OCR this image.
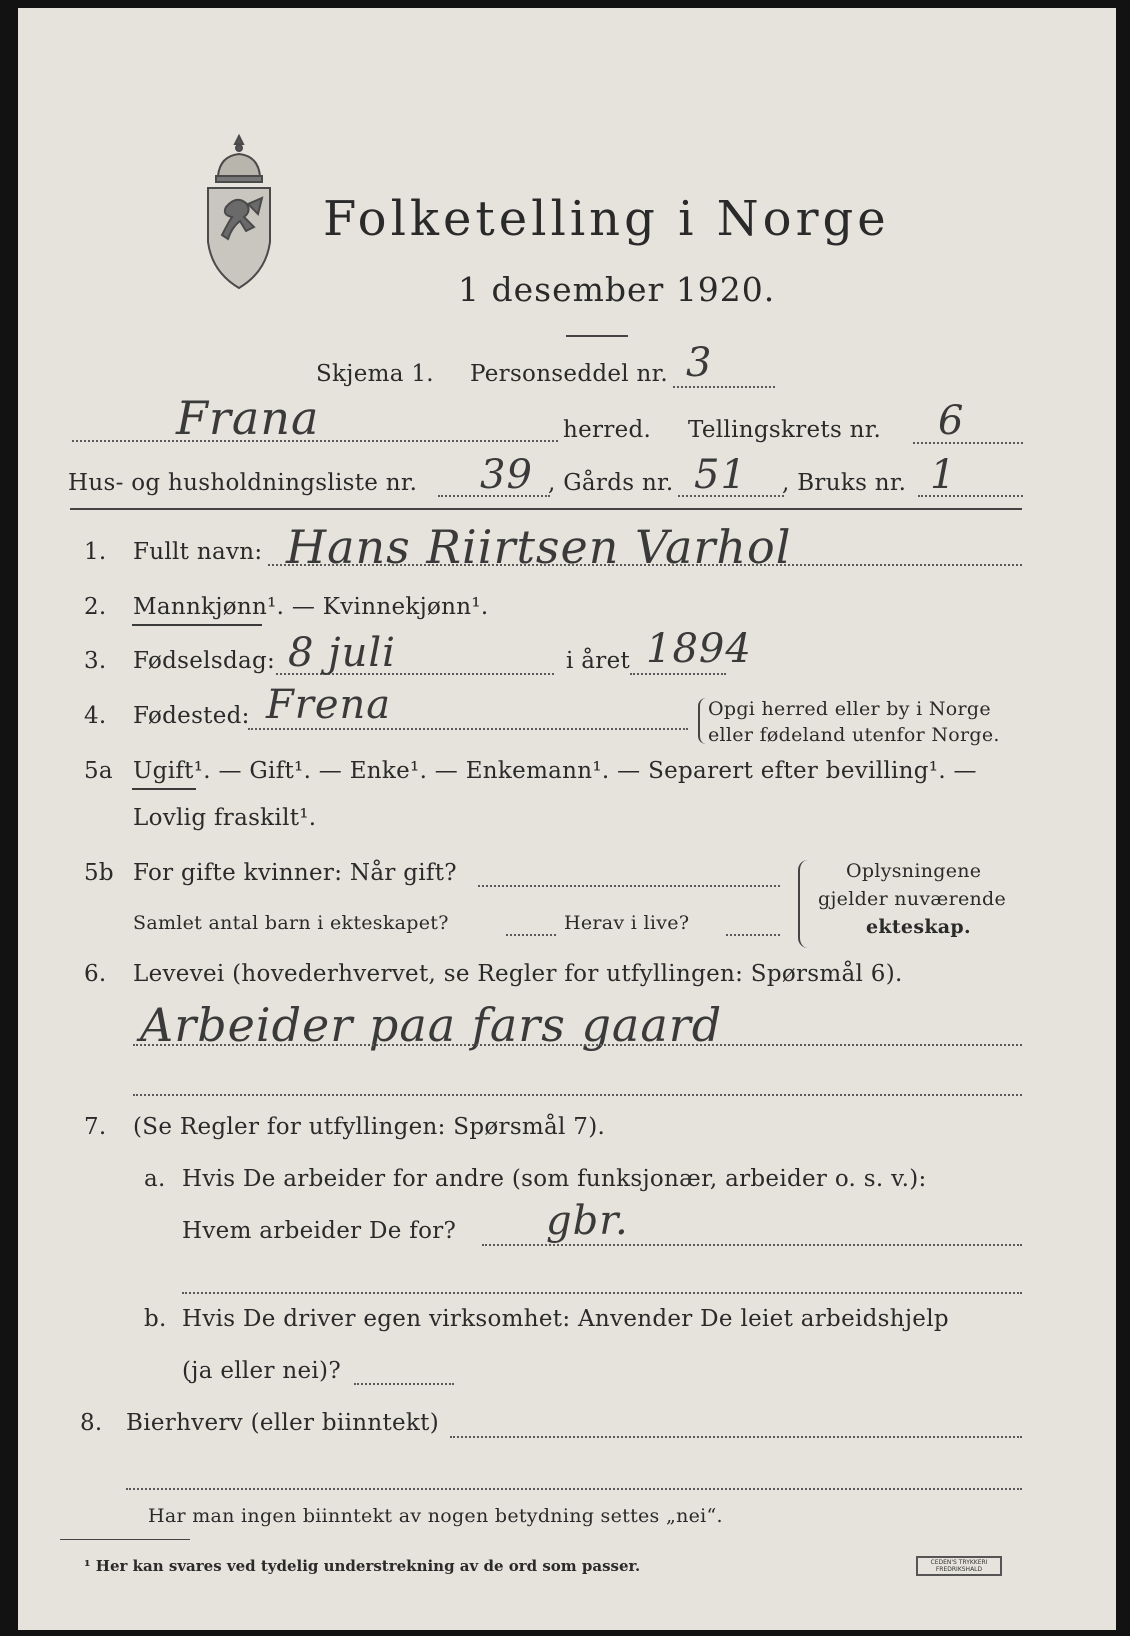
Folketelling i Norge
1 desember 1920.
Skjema 1. Personseddel nr. 3
Frana	herred. Tellingskrets nr. 6
Hus- og husholdningsliste nr. 39 , Gårds nr. 51 , Bruks nr. 1
1. Fullt navn: Hans Riirtsen Varhol
2. Mannkjønn¹. — Kvinnekjønn¹.
3. Fødselsdag: 8 juli	i året 1894
4. Fødested: Frena	Opgi herred eller by i Norge
eller fødeland utenfor Norge.
5a Ugift¹. — Gift¹. — Enke¹. — Enkemann¹. — Separert efter bevilling¹. —
Lovlig fraskilt¹.
5b For gifte kvinner: Når gift?
Samlet antal barn i ekteskapet?	Herav i live?
Oplysningene
gjelder nuværende
ekteskap.
6. Levevei (hovederhvervet, se Regler for utfyllingen: Spørsmål 6).
Arbeider paa fars gaard
7. (Se Regler for utfyllingen: Spørsmål 7).
a. Hvis De arbeider for andre (som funksjonær, arbeider o. s. v.):
Hvem arbeider De for? gbr.
b. Hvis De driver egen virksomhet: Anvender De leiet arbeidshjelp
(ja eller nei)?
8. Bierhverv (eller biinntekt)
Har man ingen biinntekt av nogen betydning settes „nei“.
¹ Her kan svares ved tydelig understrekning av de ord som passer.	CEDEN'S TRYKKERI FREDRIKSHALD
